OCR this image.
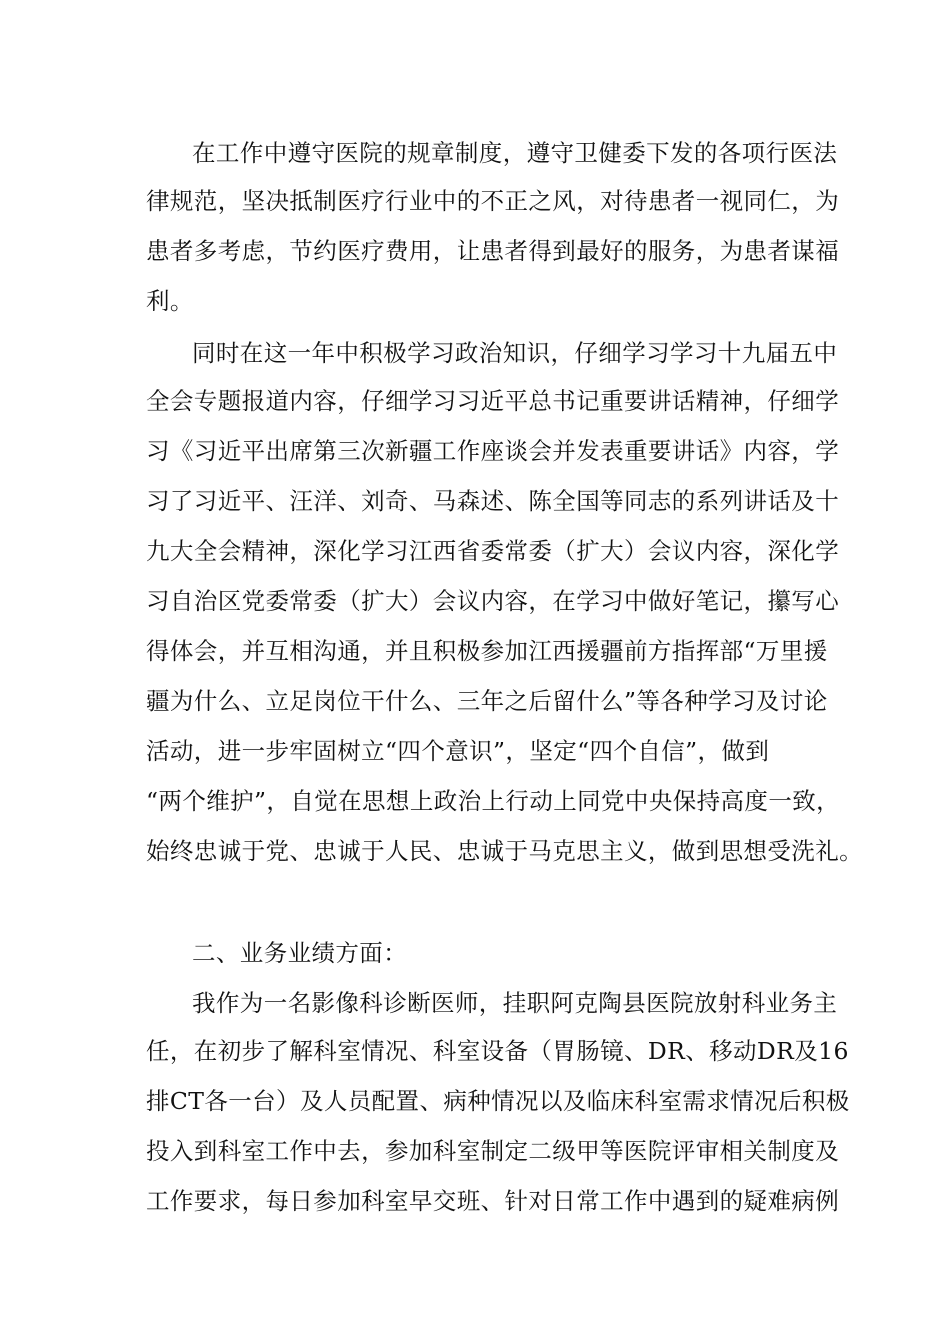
在工作中遵守医院的规章制度，遵守卫健委下发的各项行医法
律规范，坚决抵制医疗行业中的不正之风，对待患者一视同仁，为
患者多考虑，节约医疗费用，让患者得到最好的服务，为患者谋福
利。
同时在这一年中积极学习政治知识，仔细学习学习十九届五中
全会专题报道内容，仔细学习习近平总书记重要讲话精神，仔细学
习《习近平出席第三次新疆工作座谈会并发表重要讲话》内容，学
习了习近平、汪洋、刘奇、马森述、陈全国等同志的系列讲话及十
九大全会精神，深化学习江西省委常委（扩大）会议内容，深化学
习自治区党委常委（扩大）会议内容，在学习中做好笔记，攥写心
得体会，并互相沟通，并且积极参加江西援疆前方指挥部“万里援
疆为什么、立足岗位干什么、三年之后留什么”等各种学习及讨论
活动，进一步牢固树立“四个意识”，坚定“四个自信”，做到
“两个维护”，自觉在思想上政治上行动上同党中央保持高度一致，
始终忠诚于党、忠诚于人民、忠诚于马克思主义，做到思想受洗礼。
二、业务业绩方面：
我作为一名影像科诊断医师，挂职阿克陶县医院放射科业务主
任，在初步了解科室情况、科室设备（胃肠镜、DR、移动DR及16
排CT各一台）及人员配置、病种情况以及临床科室需求情况后积极
投入到科室工作中去，参加科室制定二级甲等医院评审相关制度及
工作要求，每日参加科室早交班、针对日常工作中遇到的疑难病例
